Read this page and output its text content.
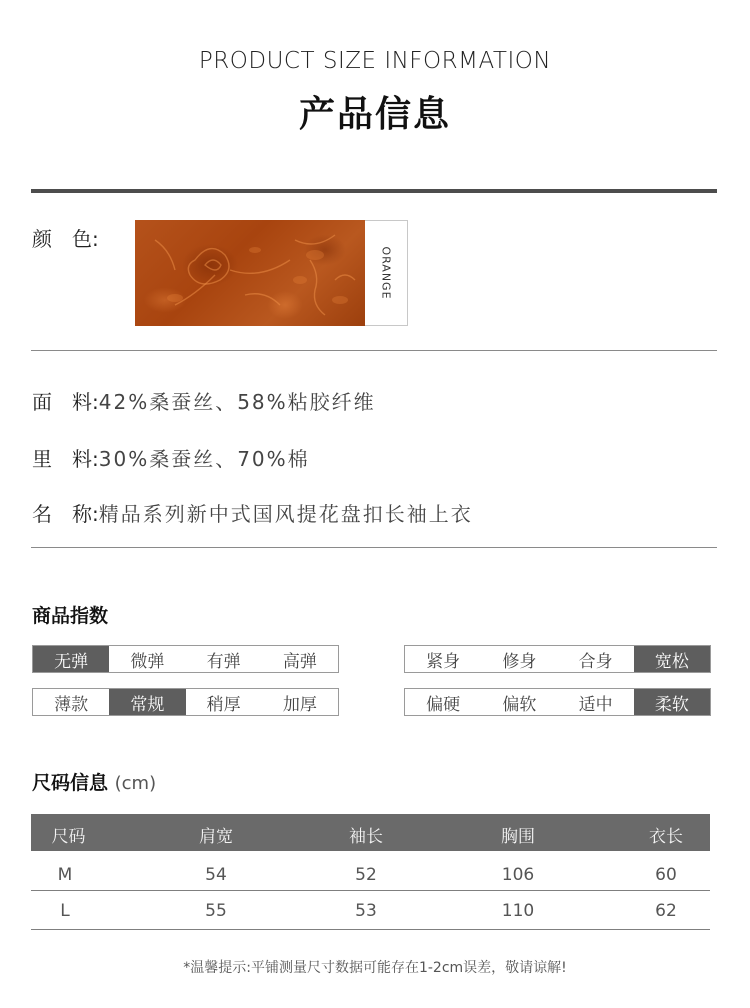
PRODUCT SIZE INFORMATION
产品信息
颜　色:
ORANGE
面　料:42%桑蚕丝、58%粘胶纤维
里　料:30%桑蚕丝、70%棉
名　称:精品系列新中式国风提花盘扣长袖上衣
商品指数
无弹	微弹	有弹	高弹	紧身	修身	合身	宽松
薄款	常规	稍厚	加厚	偏硬	偏软	适中	柔软
尺码信息 (cm)
尺码	肩宽	袖长	胸围	衣长
M	54	52	106	60
L	55	53	110	62
*温馨提示:平铺测量尺寸数据可能存在1-2cm误差，敬请谅解!
